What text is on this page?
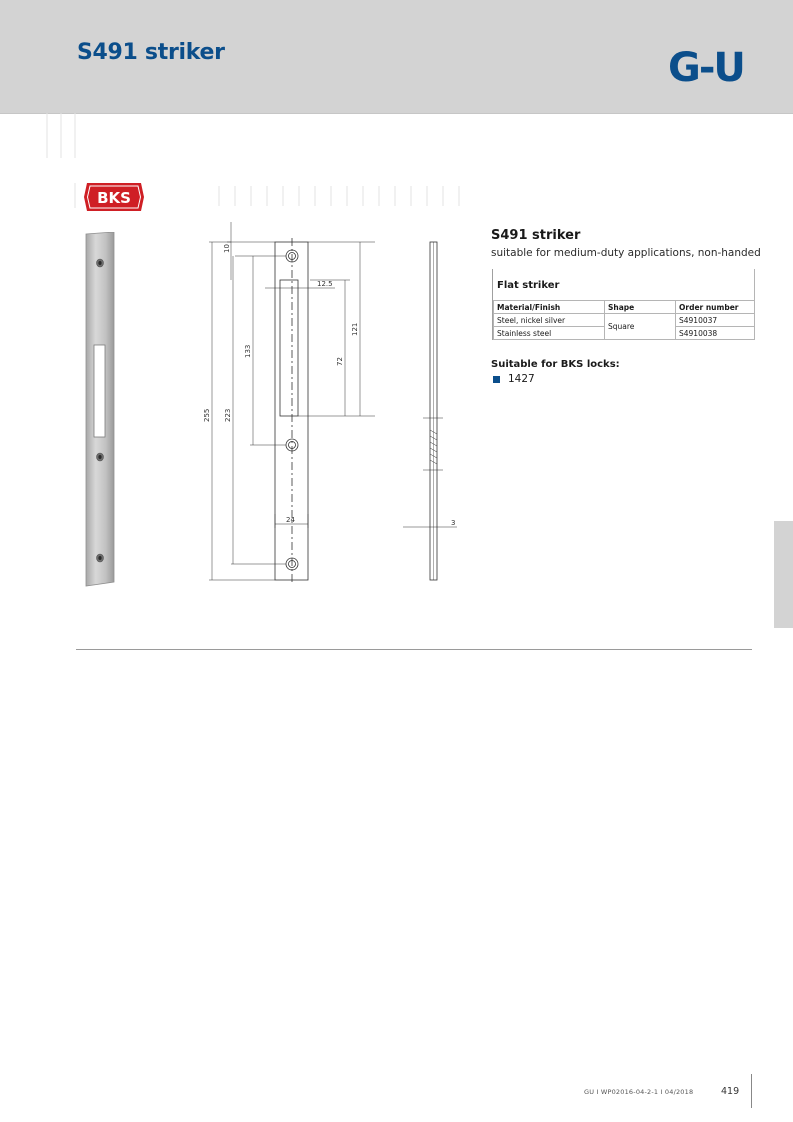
S491 striker	G-U
BKS
10
12.5
121
133
72
255 223
24	3
S491 striker

suitable for medium-duty applications, non-handed

Flat striker
Material/Finish	Shape	Order number
Steel, nickel silver	Square	S4910037
Stainless steel		S4910038
Suitable for BKS locks:
1427
GU I WP02016-04-2-1 I 04/2018	419
